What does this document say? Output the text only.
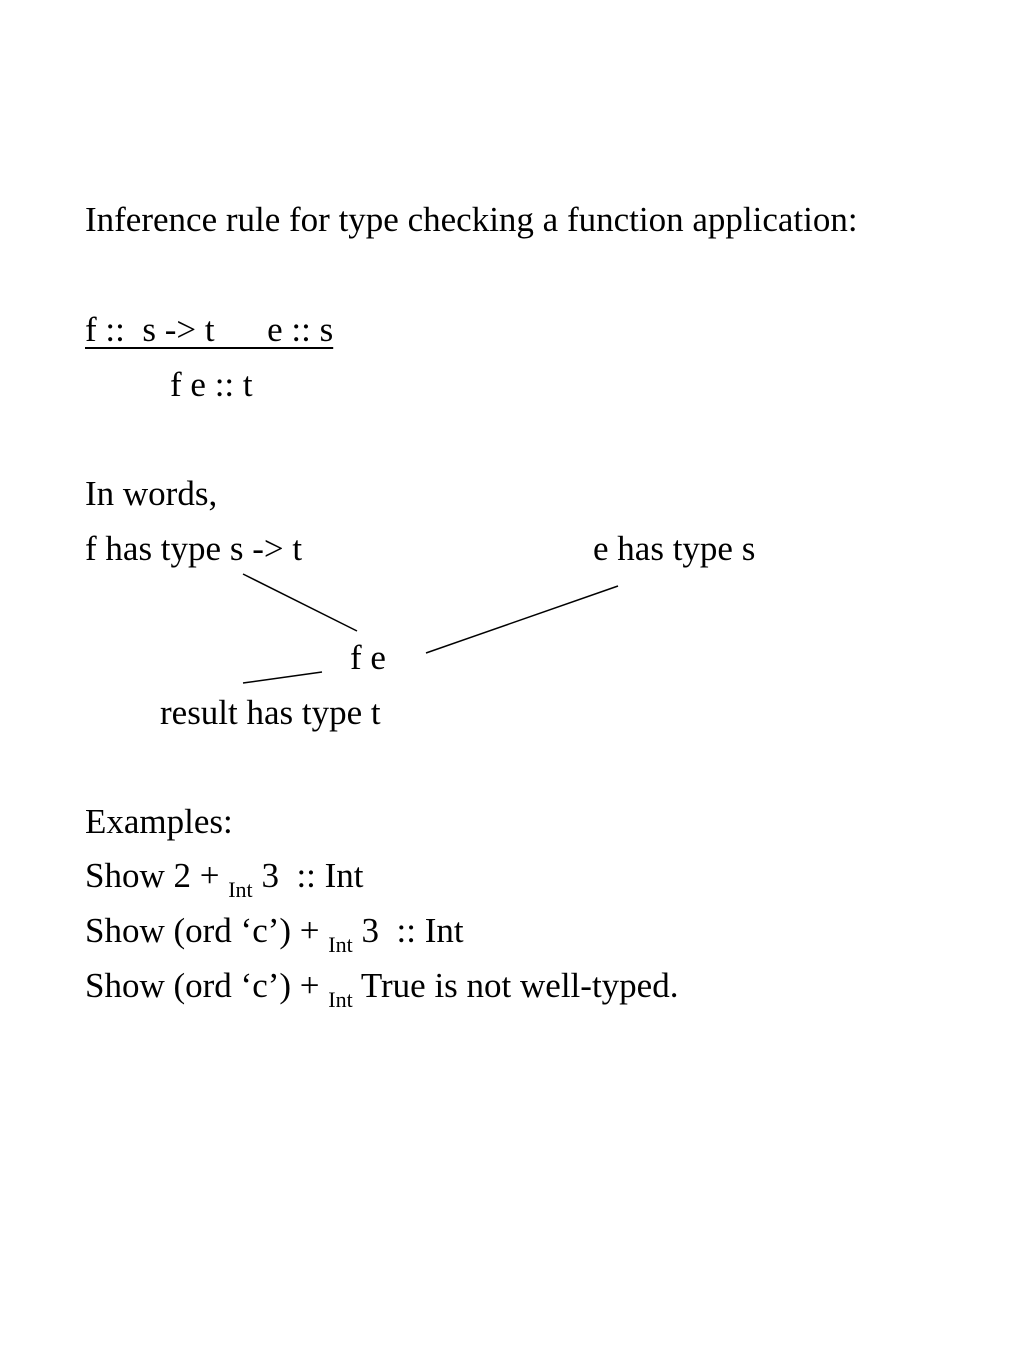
Inference rule for type checking a function application:
f ::  s -> t      e :: s
f e :: t
In words,
f has type s -> t	e has type s
f e
result has type t
Examples:
Show 2 + $_{Int}$ 3  :: Int
Show (ord ‘c’) + $_{Int}$ 3  :: Int
Show (ord ‘c’) + $_{Int}$ True is not well-typed.
